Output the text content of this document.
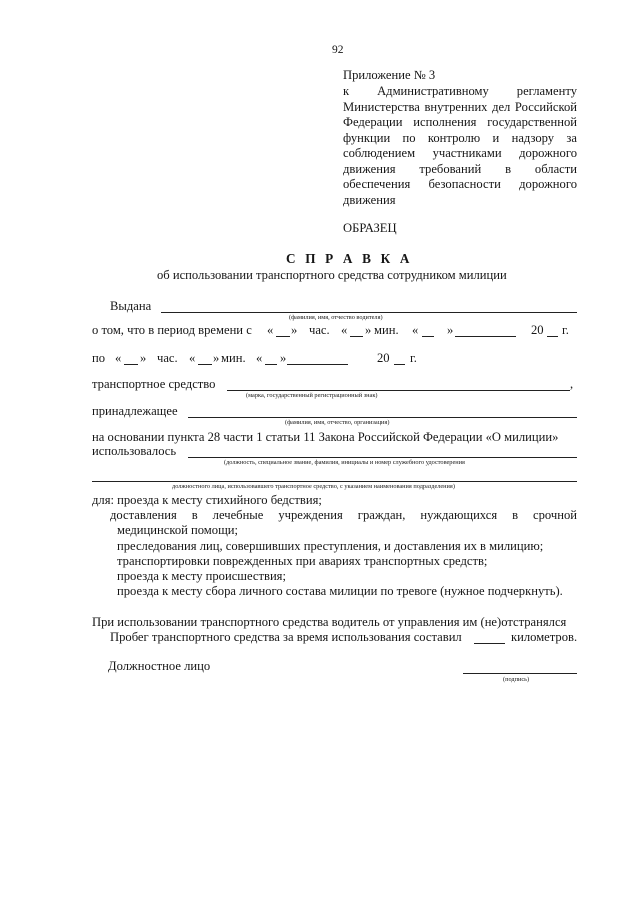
92
Приложение № 3
к Административному регламенту
Министерства внутренних дел Российской
Федерации исполнения государственной
функции по контролю и надзору за
соблюдением участниками дорожного
движения требований в области
обеспечения безопасности дорожного
движения
ОБРАЗЕЦ
С П Р А В К А
об использовании транспортного средства сотрудником милиции
Выдана
(фамилия, имя, отчество водителя)
о том, что в период времени с « » час. « » мин. « »	20 г.
по « » час. « » мин. « »	20 г.
транспортное средство	,
(марка, государственный регистрационный знак)
принадлежащее
(фамилия, имя, отчество, организация)
на основании пункта 28 части 1 статьи 11 Закона Российской Федерации «О милиции»
использовалось
(должность, специальное звание, фамилия, инициалы и номер служебного удостоверения
должностного лица, использовавшего транспортное средство, с указанием наименования подразделения)
для: проезда к месту стихийного бедствия;
доставления в лечебные учреждения граждан, нуждающихся в срочной
медицинской помощи;
преследования лиц, совершивших преступления, и доставления их в милицию;
транспортировки поврежденных при авариях транспортных средств;
проезда к месту происшествия;
проезда к месту сбора личного состава милиции по тревоге (нужное подчеркнуть).
При использовании транспортного средства водитель от управления им (не)отстранялся
Пробег транспортного средства за время использования составил	километров.
Должностное лицо
(подпись)
